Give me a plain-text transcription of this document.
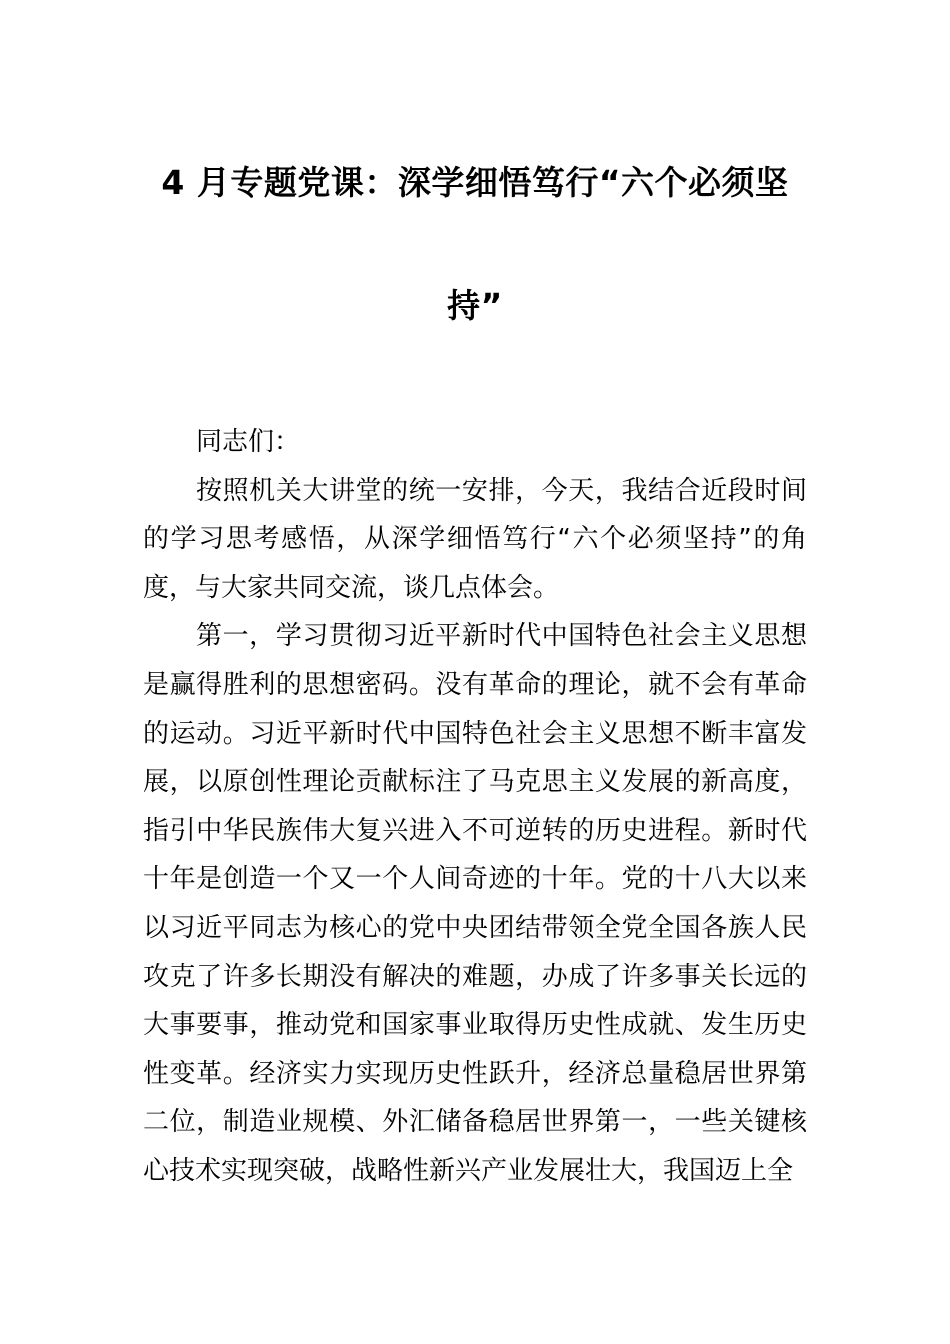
4 月专题党课：深学细悟笃行“六个必须坚
持”

同志们：

按照机关大讲堂的统一安排，今天，我结合近段时间的学习思考感悟，从深学细悟笃行“六个必须坚持”的角度，与大家共同交流，谈几点体会。

第一，学习贯彻习近平新时代中国特色社会主义思想是赢得胜利的思想密码。没有革命的理论，就不会有革命的运动。习近平新时代中国特色社会主义思想不断丰富发展，以原创性理论贡献标注了马克思主义发展的新高度，指引中华民族伟大复兴进入不可逆转的历史进程。新时代十年是创造一个又一个人间奇迹的十年。党的十八大以来以习近平同志为核心的党中央团结带领全党全国各族人民攻克了许多长期没有解决的难题，办成了许多事关长远的大事要事，推动党和国家事业取得历史性成就、发生历史性变革。经济实力实现历史性跃升，经济总量稳居世界第二位，制造业规模、外汇储备稳居世界第一，一些关键核心技术实现突破，战略性新兴产业发展壮大，我国迈上全
